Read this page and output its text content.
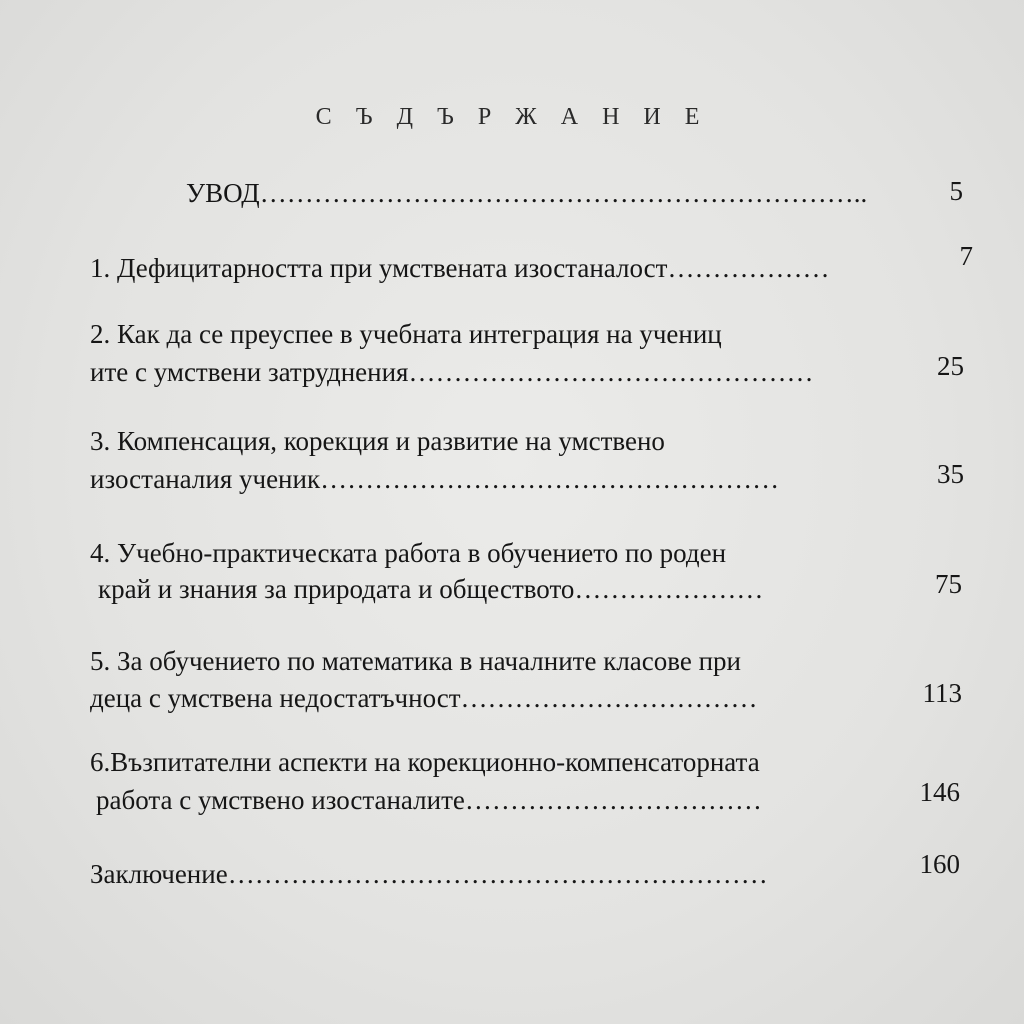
С Ъ Д Ъ Р Ж А Н И Е
УВОД…………………………………………………………..	5
1. Дефицитарността при умствената изостаналост………………	7
2. Как да се преуспее в учебната интеграция на учениц
ите с умствени затруднения………………………………………	25
3. Компенсация, корекция и развитие на умствено
изостаналия ученик……………………………………………	35
4. Учебно-практическата работа в обучението по роден
край и знания за природата и обществото…………………	75
5. За обучението по математика в началните класове при
деца с умствена недостатъчност……………………………	113
6.Възпитателни аспекти на корекционно-компенсаторната
работа с умствено изостаналите……………………………	146
Заключение……………………………………………………	160
